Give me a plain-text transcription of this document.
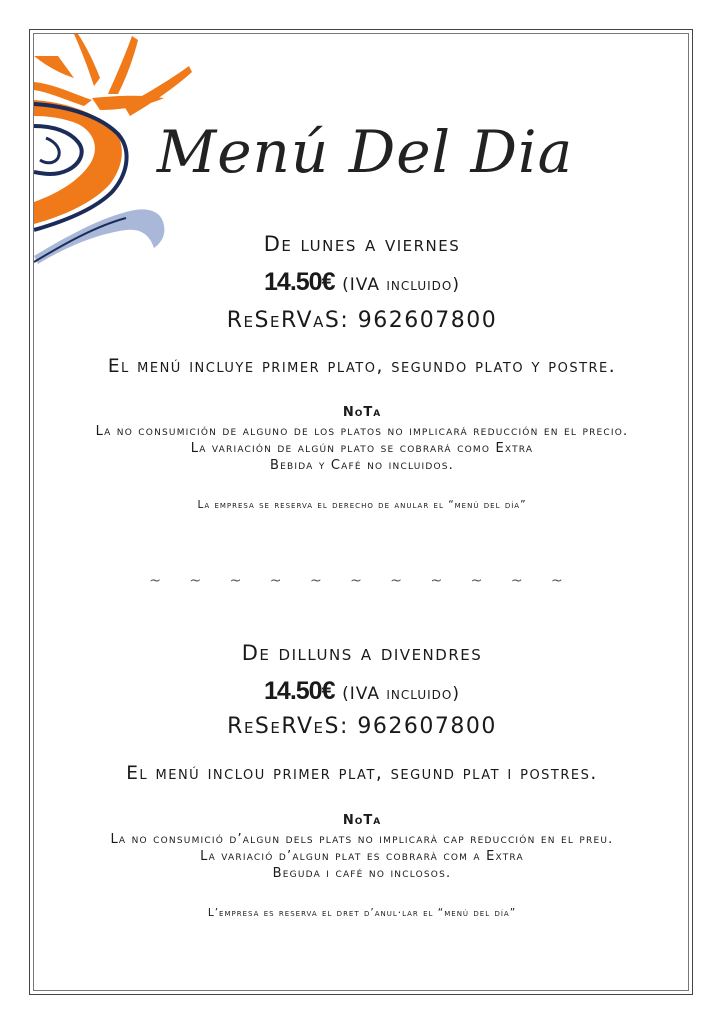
Menú Del Dia
De lunes a viernes
14.50€ (IVA incluido)
ReSeRVaS: 962607800
El menú incluye primer plato, segundo plato y postre.
NoTa
La no consumición de alguno de los platos no implicará reducción en el precio.
La variación de algún plato se cobrará como Extra
Bebida y Café no incluidos.
La empresa se reserva el derecho de anular el “menú del día”
~ ~ ~ ~ ~ ~ ~ ~ ~ ~ ~
De dilluns a divendres
14.50€ (IVA incluido)
ReSeRVeS: 962607800
El menú inclou primer plat, segund plat i postres.
NoTa
La no consumició d’algun dels plats no implicarà cap reducción en el preu.
La variació d’algun plat es cobrarà com a Extra
Beguda i café no inclosos.
L’empresa es reserva el dret d’anul·lar el “menú del día”
